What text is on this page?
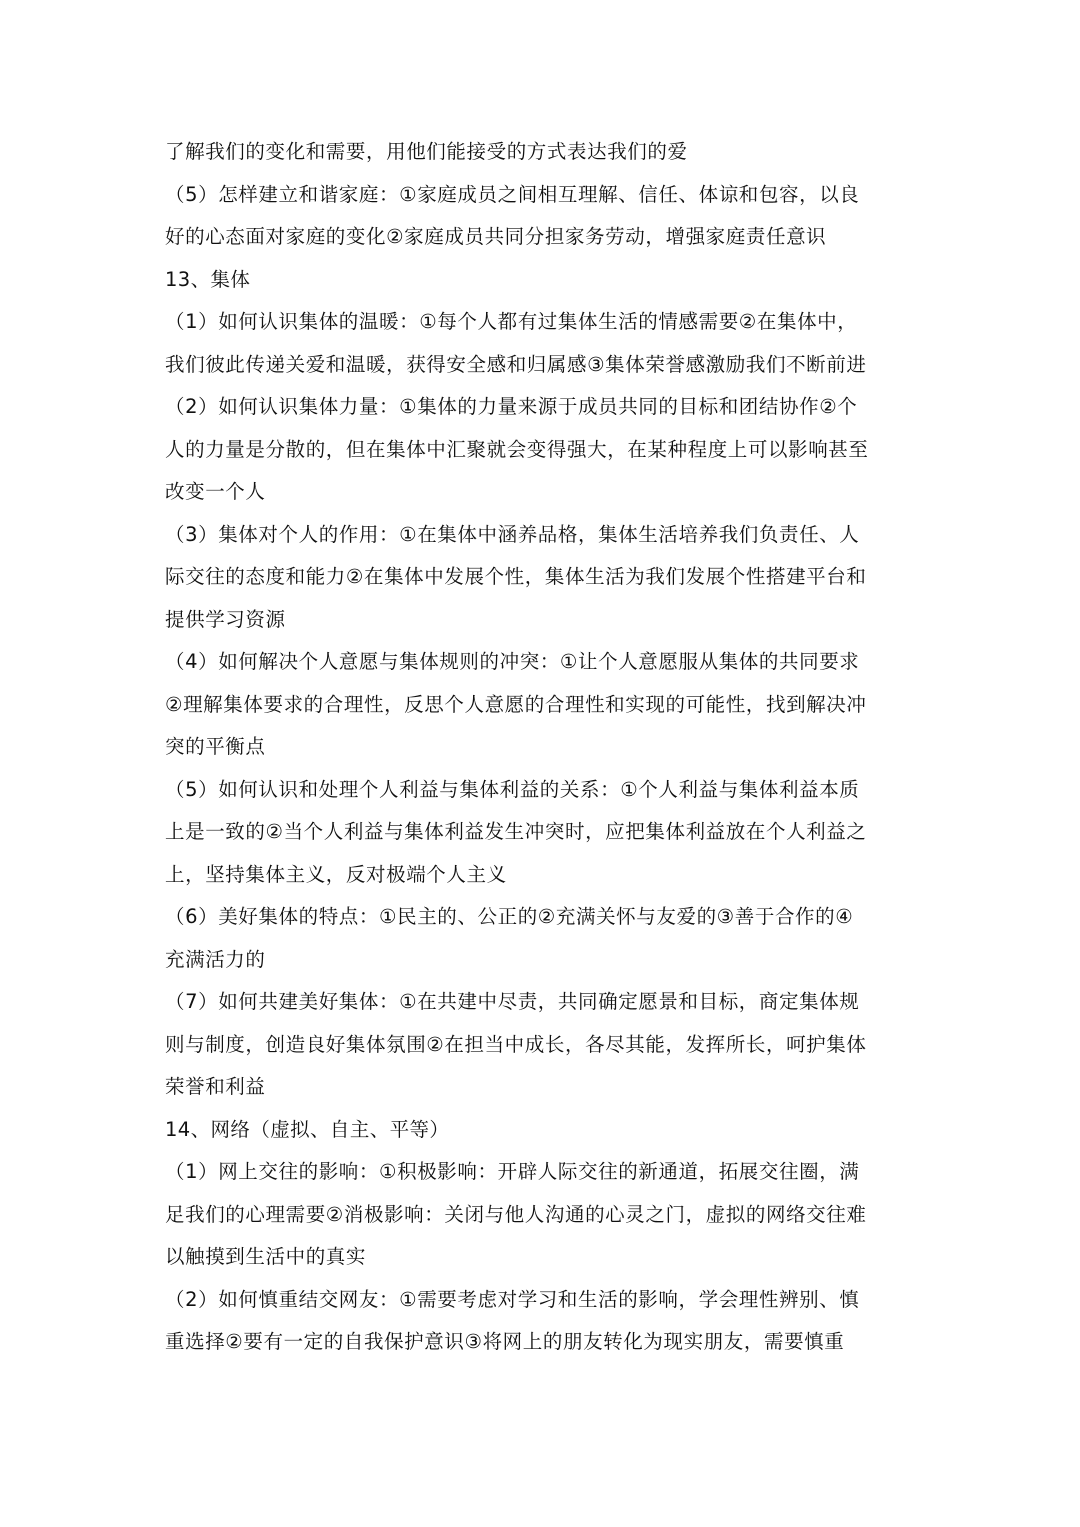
了解我们的变化和需要，用他们能接受的方式表达我们的爱
（5）怎样建立和谐家庭：①家庭成员之间相互理解、信任、体谅和包容，以良
好的心态面对家庭的变化②家庭成员共同分担家务劳动，增强家庭责任意识
13、集体
（1）如何认识集体的温暖：①每个人都有过集体生活的情感需要②在集体中，
我们彼此传递关爱和温暖，获得安全感和归属感③集体荣誉感激励我们不断前进
（2）如何认识集体力量：①集体的力量来源于成员共同的目标和团结协作②个
人的力量是分散的，但在集体中汇聚就会变得强大，在某种程度上可以影响甚至
改变一个人
（3）集体对个人的作用：①在集体中涵养品格，集体生活培养我们负责任、人
际交往的态度和能力②在集体中发展个性，集体生活为我们发展个性搭建平台和
提供学习资源
（4）如何解决个人意愿与集体规则的冲突：①让个人意愿服从集体的共同要求
②理解集体要求的合理性，反思个人意愿的合理性和实现的可能性，找到解决冲
突的平衡点
（5）如何认识和处理个人利益与集体利益的关系：①个人利益与集体利益本质
上是一致的②当个人利益与集体利益发生冲突时，应把集体利益放在个人利益之
上，坚持集体主义，反对极端个人主义
（6）美好集体的特点：①民主的、公正的②充满关怀与友爱的③善于合作的④
充满活力的
（7）如何共建美好集体：①在共建中尽责，共同确定愿景和目标，商定集体规
则与制度，创造良好集体氛围②在担当中成长，各尽其能，发挥所长，呵护集体
荣誉和利益
14、网络（虚拟、自主、平等）
（1）网上交往的影响：①积极影响：开辟人际交往的新通道，拓展交往圈，满
足我们的心理需要②消极影响：关闭与他人沟通的心灵之门，虚拟的网络交往难
以触摸到生活中的真实
（2）如何慎重结交网友：①需要考虑对学习和生活的影响，学会理性辨别、慎
重选择②要有一定的自我保护意识③将网上的朋友转化为现实朋友，需要慎重
